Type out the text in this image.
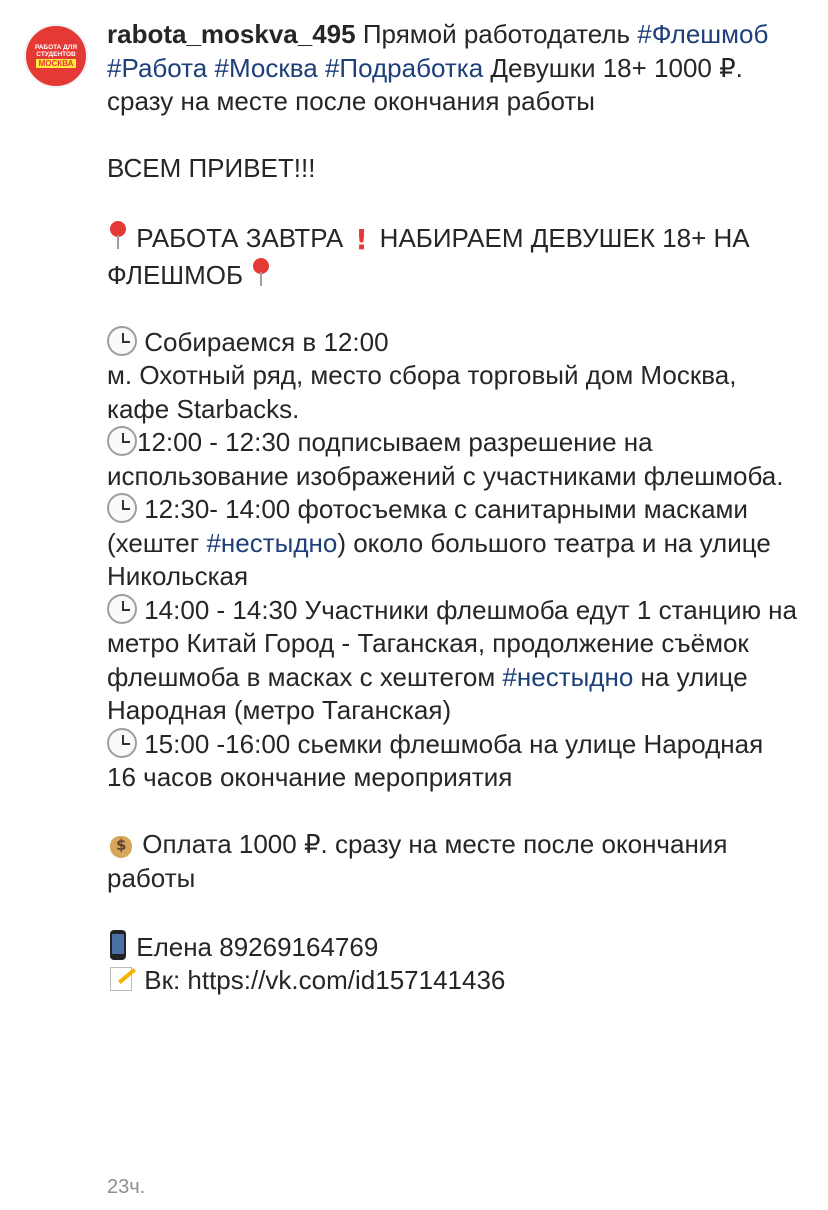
РАБОТА ДЛЯ
СТУДЕНТОВ
МОСКВА
rabota_moskva_495 Прямой работодатель #Флешмоб
#Работа #Москва #Подработка Девушки 18+ 1000 ₽. сразу на месте после окончания работы

ВСЕМ ПРИВЕТ!!!

РАБОТА ЗАВТРА ! НАБИРАЕМ ДЕВУШЕК 18+ НА ФЛЕШМОБ

Собираемся в 12:00
м. Охотный ряд, место сбора торговый дом Москва, кафе Starbacks.
12:00 - 12:30 подписываем разрешение на использование изображений с участниками флешмоба.
12:30- 14:00 фотосъемка с санитарными масками (хештег #нестыдно) около большого театра и на улице Никольская
14:00 - 14:30 Участники флешмоба едут 1 станцию на метро Китай Город - Таганская, продолжение съёмок флешмоба в масках с хештегом #нестыдно на улице Народная (метро Таганская)
15:00 -16:00 сьемки флешмоба на улице Народная
16 часов окончание мероприятия

$ Оплата 1000 ₽. сразу на месте после окончания работы

Елена 89269164769
Вк: https://vk.com/id157141436
23ч.
